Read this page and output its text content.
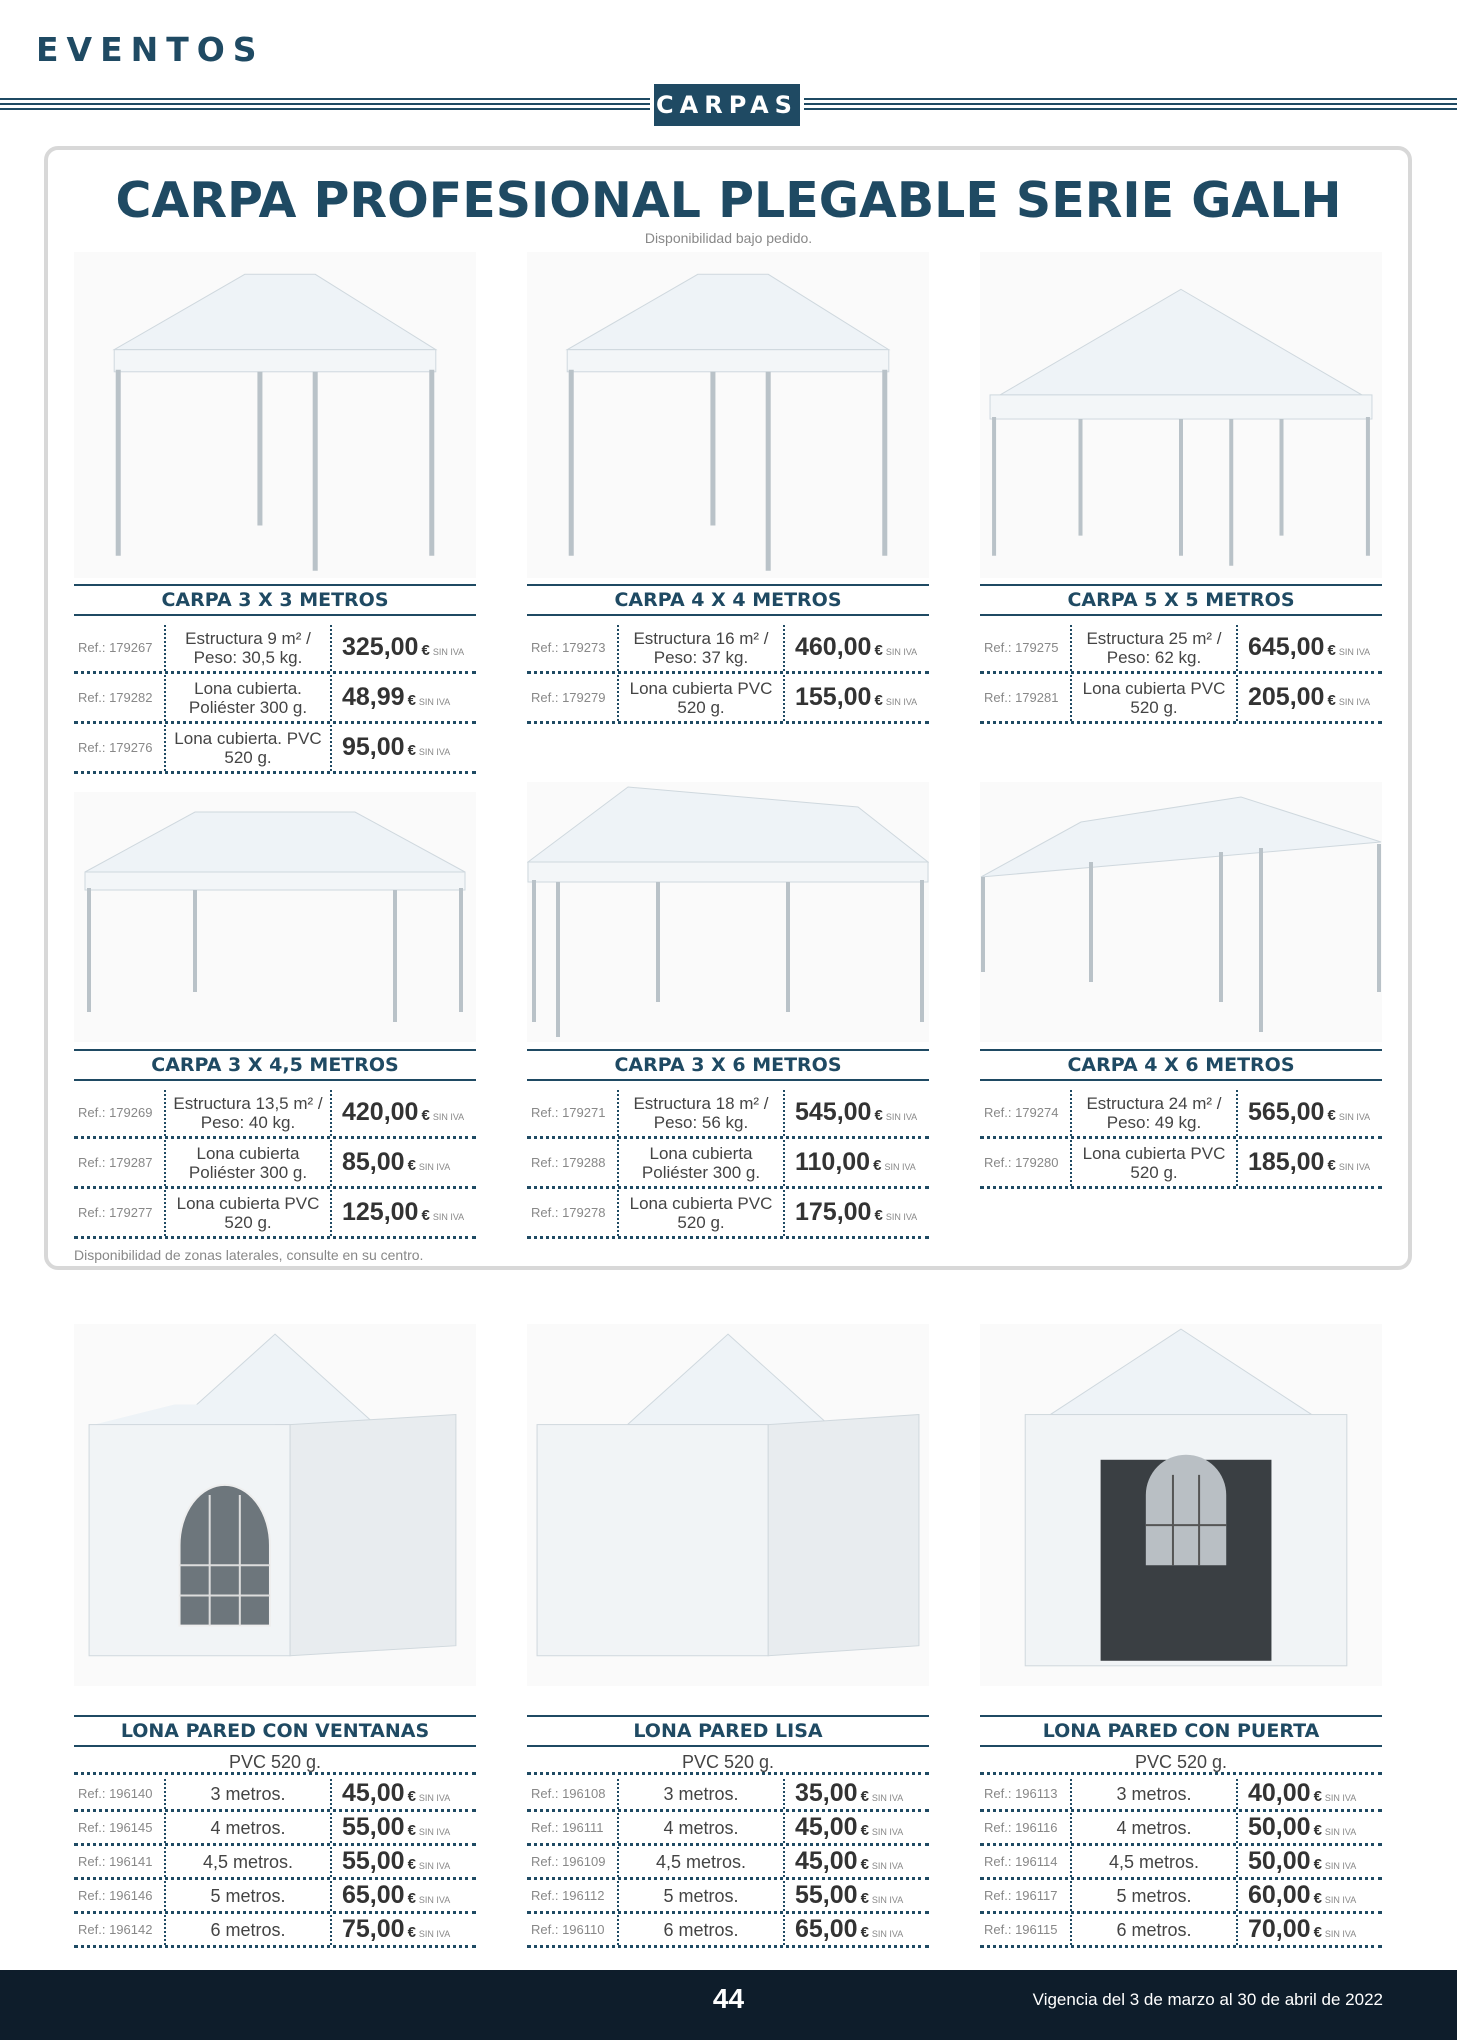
EVENTOS
CARPAS
CARPA PROFESIONAL PLEGABLE SERIE GALH
Disponibilidad bajo pedido.
CARPA 3 X 3 METROS
Ref.: 179267	Estructura 9 m² / Peso: 30,5 kg.	325,00 € SIN IVA
Ref.: 179282	Lona cubierta. Poliéster 300 g.	48,99 € SIN IVA
Ref.: 179276	Lona cubierta. PVC 520 g.	95,00 € SIN IVA
CARPA 4 X 4 METROS
Ref.: 179273	Estructura 16 m² / Peso: 37 kg.	460,00 € SIN IVA
Ref.: 179279	Lona cubierta PVC 520 g.	155,00 € SIN IVA
CARPA 5 X 5 METROS
Ref.: 179275	Estructura 25 m² / Peso: 62 kg.	645,00 € SIN IVA
Ref.: 179281	Lona cubierta PVC 520 g.	205,00 € SIN IVA
CARPA 3 X 4,5 METROS
Ref.: 179269	Estructura 13,5 m² / Peso: 40 kg.	420,00 € SIN IVA
Ref.: 179287	Lona cubierta Poliéster 300 g.	85,00 € SIN IVA
Ref.: 179277	Lona cubierta PVC 520 g.	125,00 € SIN IVA
CARPA 3 X 6 METROS
Ref.: 179271	Estructura 18 m² / Peso: 56 kg.	545,00 € SIN IVA
Ref.: 179288	Lona cubierta Poliéster 300 g.	110,00 € SIN IVA
Ref.: 179278	Lona cubierta PVC 520 g.	175,00 € SIN IVA
CARPA 4 X 6 METROS
Ref.: 179274	Estructura 24 m² / Peso: 49 kg.	565,00 € SIN IVA
Ref.: 179280	Lona cubierta PVC 520 g.	185,00 € SIN IVA
Disponibilidad de zonas laterales, consulte en su centro.
LONA PARED CON VENTANAS
PVC 520 g.
Ref.: 196140	3 metros.	45,00 € SIN IVA
Ref.: 196145	4 metros.	55,00 € SIN IVA
Ref.: 196141	4,5 metros.	55,00 € SIN IVA
Ref.: 196146	5 metros.	65,00 € SIN IVA
Ref.: 196142	6 metros.	75,00 € SIN IVA
LONA PARED LISA
PVC 520 g.
Ref.: 196108	3 metros.	35,00 € SIN IVA
Ref.: 196111	4 metros.	45,00 € SIN IVA
Ref.: 196109	4,5 metros.	45,00 € SIN IVA
Ref.: 196112	5 metros.	55,00 € SIN IVA
Ref.: 196110	6 metros.	65,00 € SIN IVA
LONA PARED CON PUERTA
PVC 520 g.
Ref.: 196113	3 metros.	40,00 € SIN IVA
Ref.: 196116	4 metros.	50,00 € SIN IVA
Ref.: 196114	4,5 metros.	50,00 € SIN IVA
Ref.: 196117	5 metros.	60,00 € SIN IVA
Ref.: 196115	6 metros.	70,00 € SIN IVA
44	Vigencia del 3 de marzo al 30 de abril de 2022
